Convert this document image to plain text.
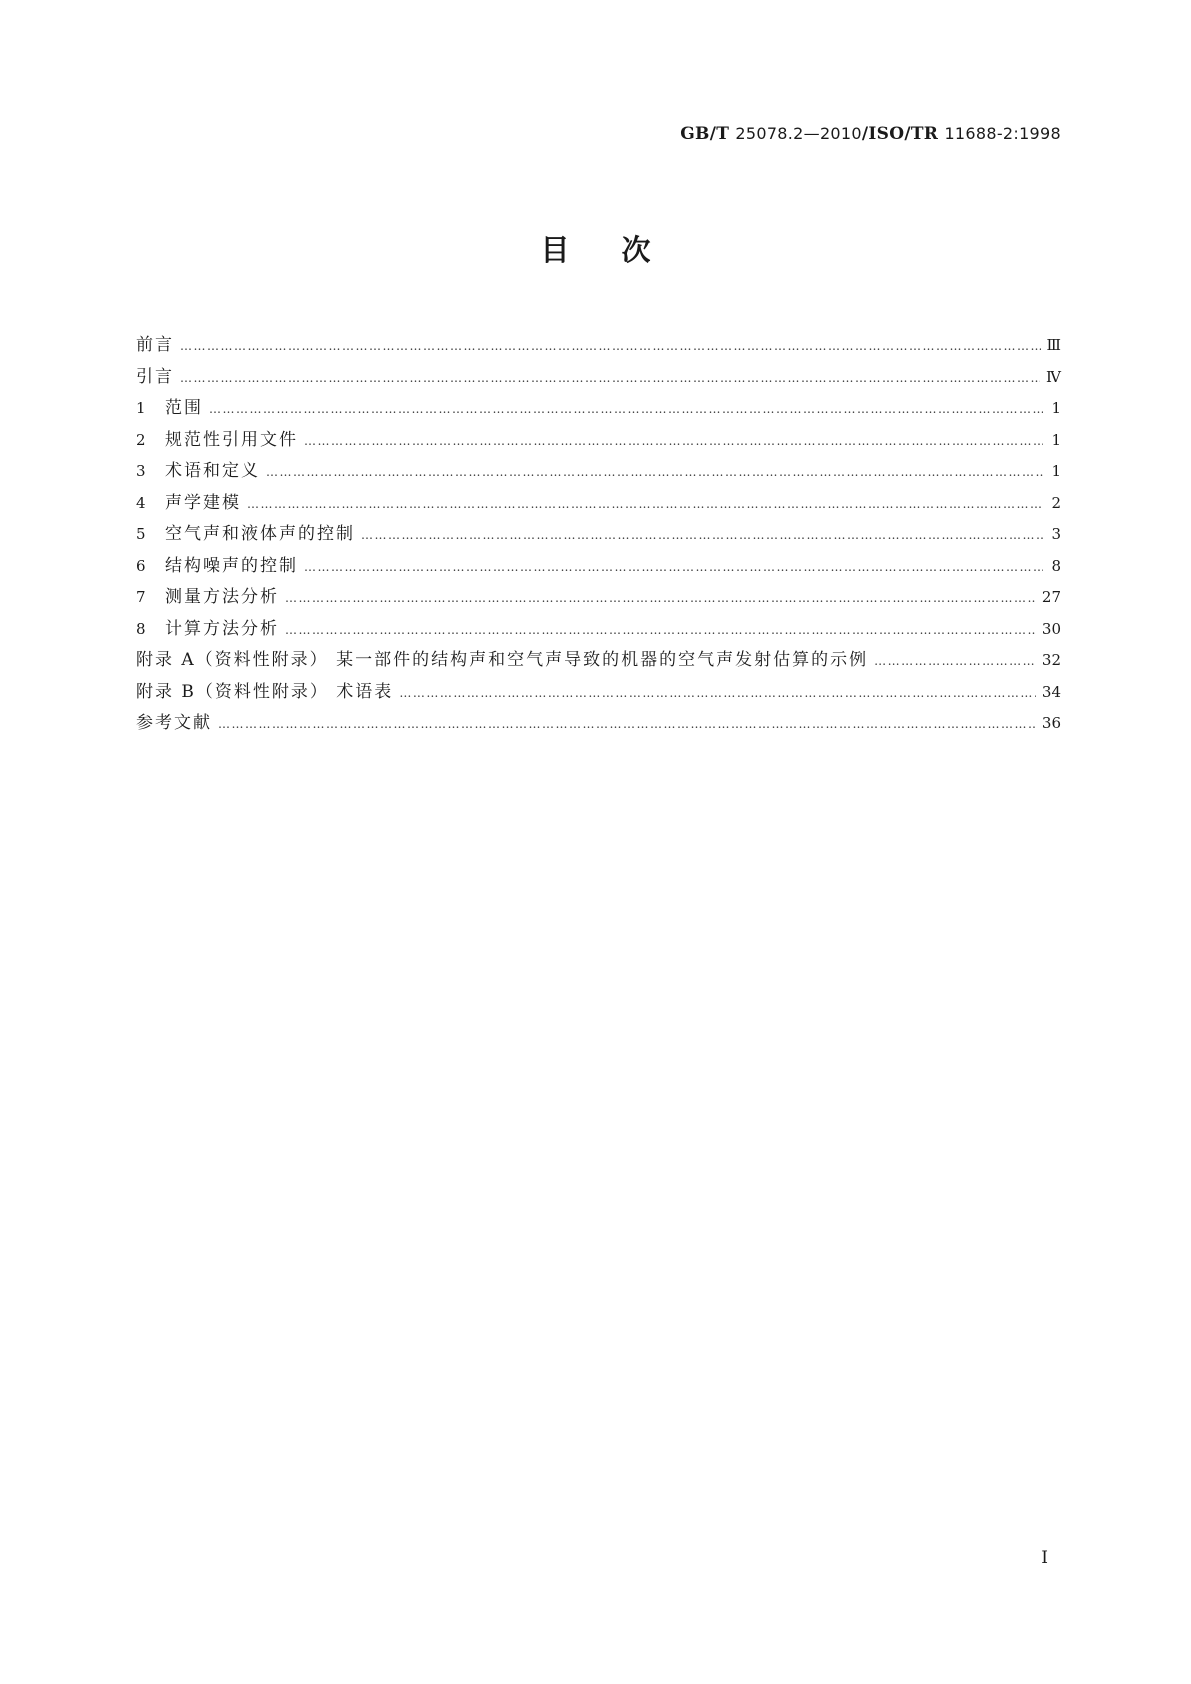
GB/T 25078.2—2010/ISO/TR 11688-2:1998
目次
前言 …………………………………………………………………………………………………………………………………………………………………………………………………………	Ⅲ
引言 …………………………………………………………………………………………………………………………………………………………………………………………………………	Ⅳ
1	范围 …………………………………………………………………………………………………………………………………………………………………………………………………………	1
2	规范性引用文件 …………………………………………………………………………………………………………………………………………………………………………………………………………	1
3	术语和定义 …………………………………………………………………………………………………………………………………………………………………………………………………………	1
4	声学建模 …………………………………………………………………………………………………………………………………………………………………………………………………………	2
5	空气声和液体声的控制 …………………………………………………………………………………………………………………………………………………………………………………………………………	3
6	结构噪声的控制 …………………………………………………………………………………………………………………………………………………………………………………………………………	8
7	测量方法分析 …………………………………………………………………………………………………………………………………………………………………………………………………………	27
8	计算方法分析 …………………………………………………………………………………………………………………………………………………………………………………………………………	30
附录 A（资料性附录） 某一部件的结构声和空气声导致的机器的空气声发射估算的示例 …………………………………………………………………………………………………………………………………………………………………………………………………………	32
附录 B（资料性附录） 术语表 …………………………………………………………………………………………………………………………………………………………………………………………………………	34
参考文献 …………………………………………………………………………………………………………………………………………………………………………………………………………	36
Ⅰ
